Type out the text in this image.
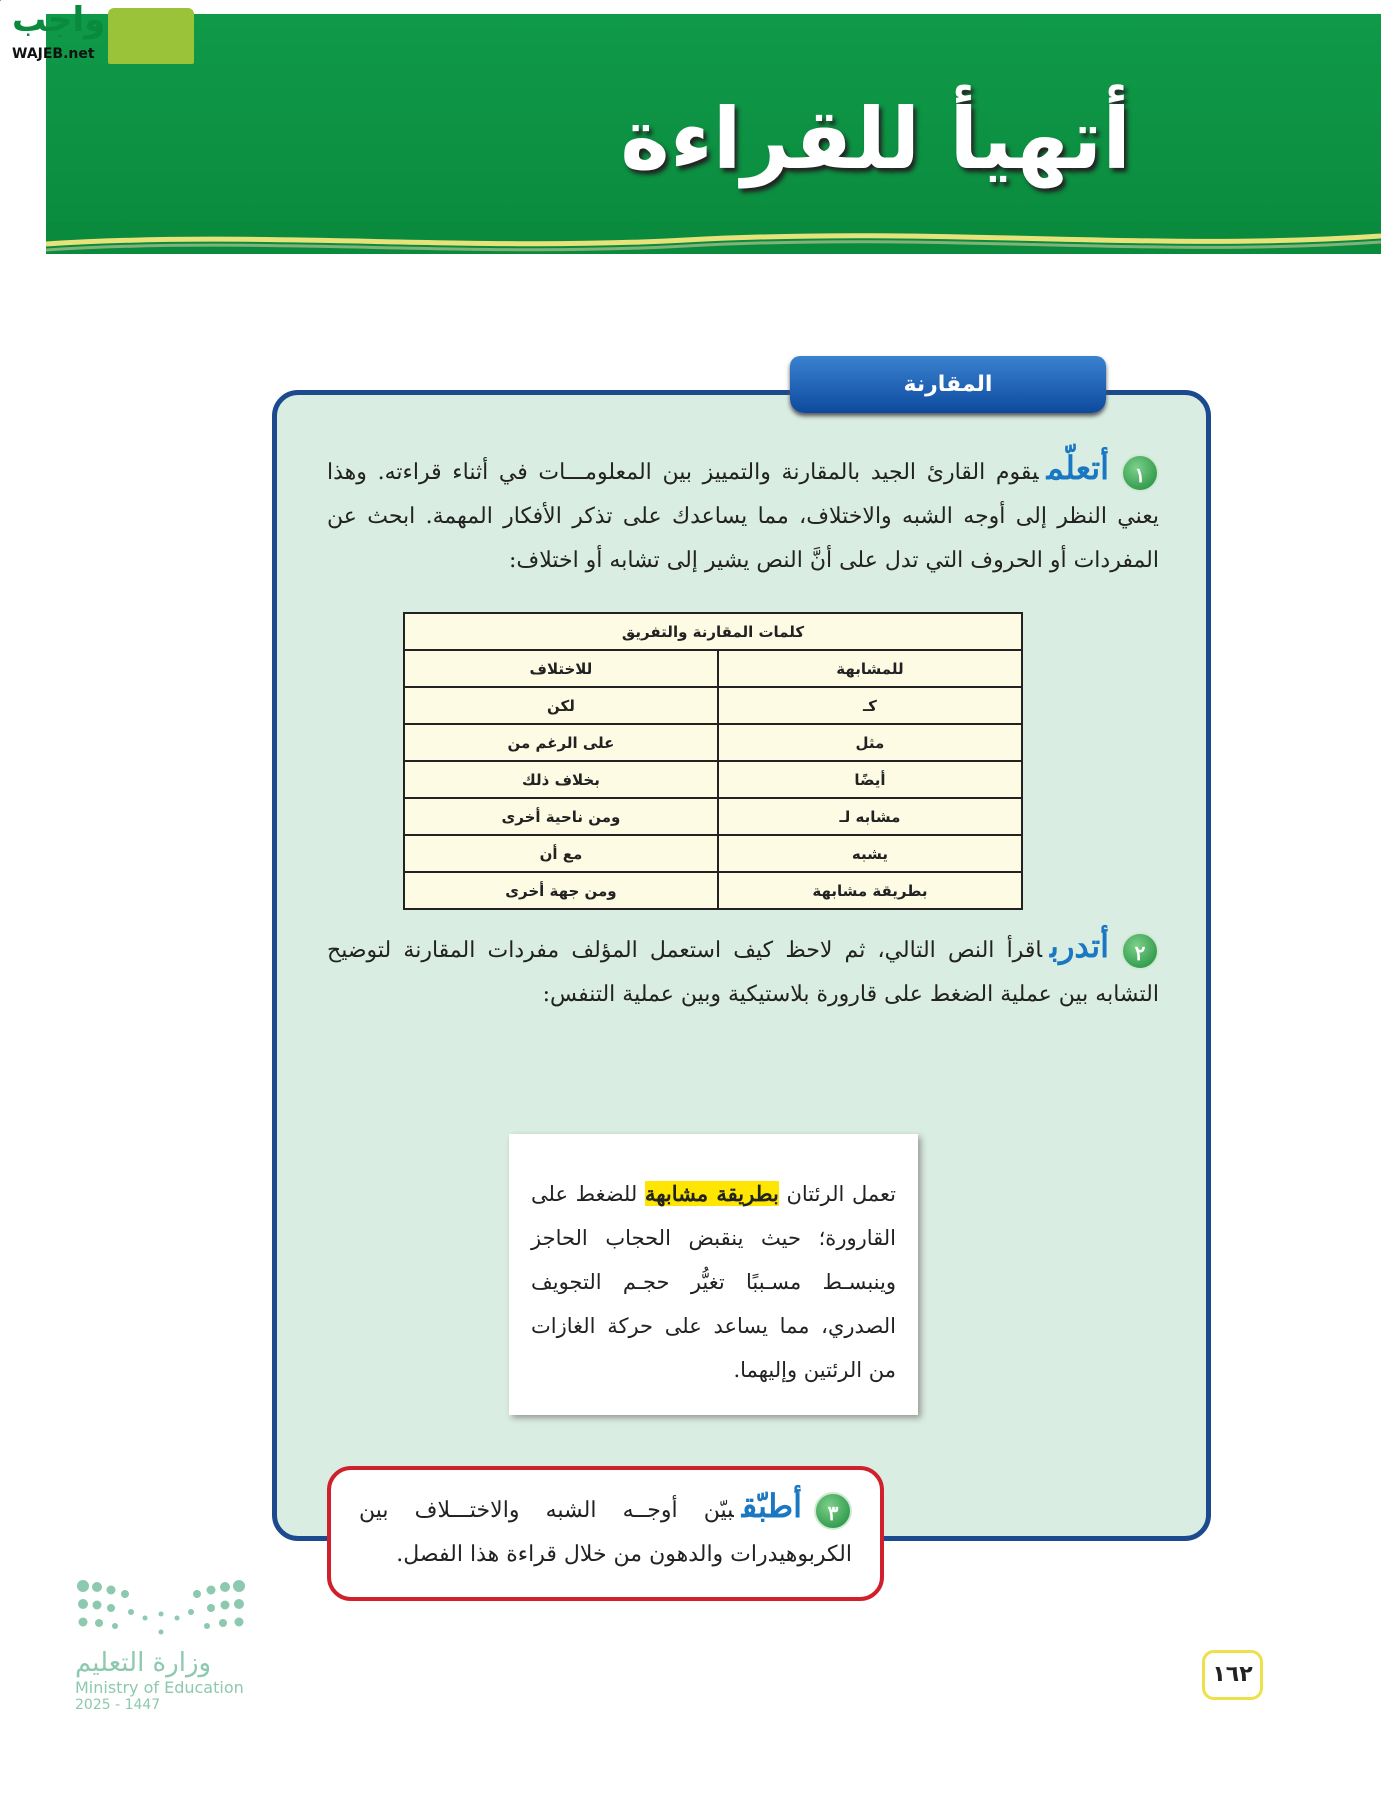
أتهيأ للقراءة
واجب
WAJEB.net
المقارنة
١أتعلّميقوم القارئ الجيد بالمقارنة والتمييز بين المعلومـــات في أثناء قراءته. وهذا يعني النظر إلى أوجه الشبه والاختلاف، مما يساعدك على تذكر الأفكار المهمة. ابحث عن المفردات أو الحروف التي تدل على أنَّ النص يشير إلى تشابه أو اختلاف:
كلمات المقارنة والتفريق	
للمشابهة	للاختلاف
كـ	لكن
مثل	على الرغم من
أيضًا	بخلاف ذلك
مشابه لـ	ومن ناحية أخرى
يشبه	مع أن
بطريقة مشابهة	ومن جهة أخرى
٢أتدرباقرأ النص التالي، ثم لاحظ كيف استعمل المؤلف مفردات المقارنة لتوضيح التشابه بين عملية الضغط على قارورة بلاستيكية وبين عملية التنفس:
تعمل الرئتان بطريقة مشابهة للضغط على القارورة؛ حيث ينقبض الحجاب الحاجز وينبسـط مسـببًا تغيُّر حجـم التجويف الصدري، مما يساعد على حركة الغازات من الرئتين وإليهما.
٣أطبّقبيّن أوجــه الشبه والاختـــلاف بين الكربوهيدرات والدهون من خلال قراءة هذا الفصل.
وزارة التعليم
Ministry of Education
2025 - 1447
١٦٢
